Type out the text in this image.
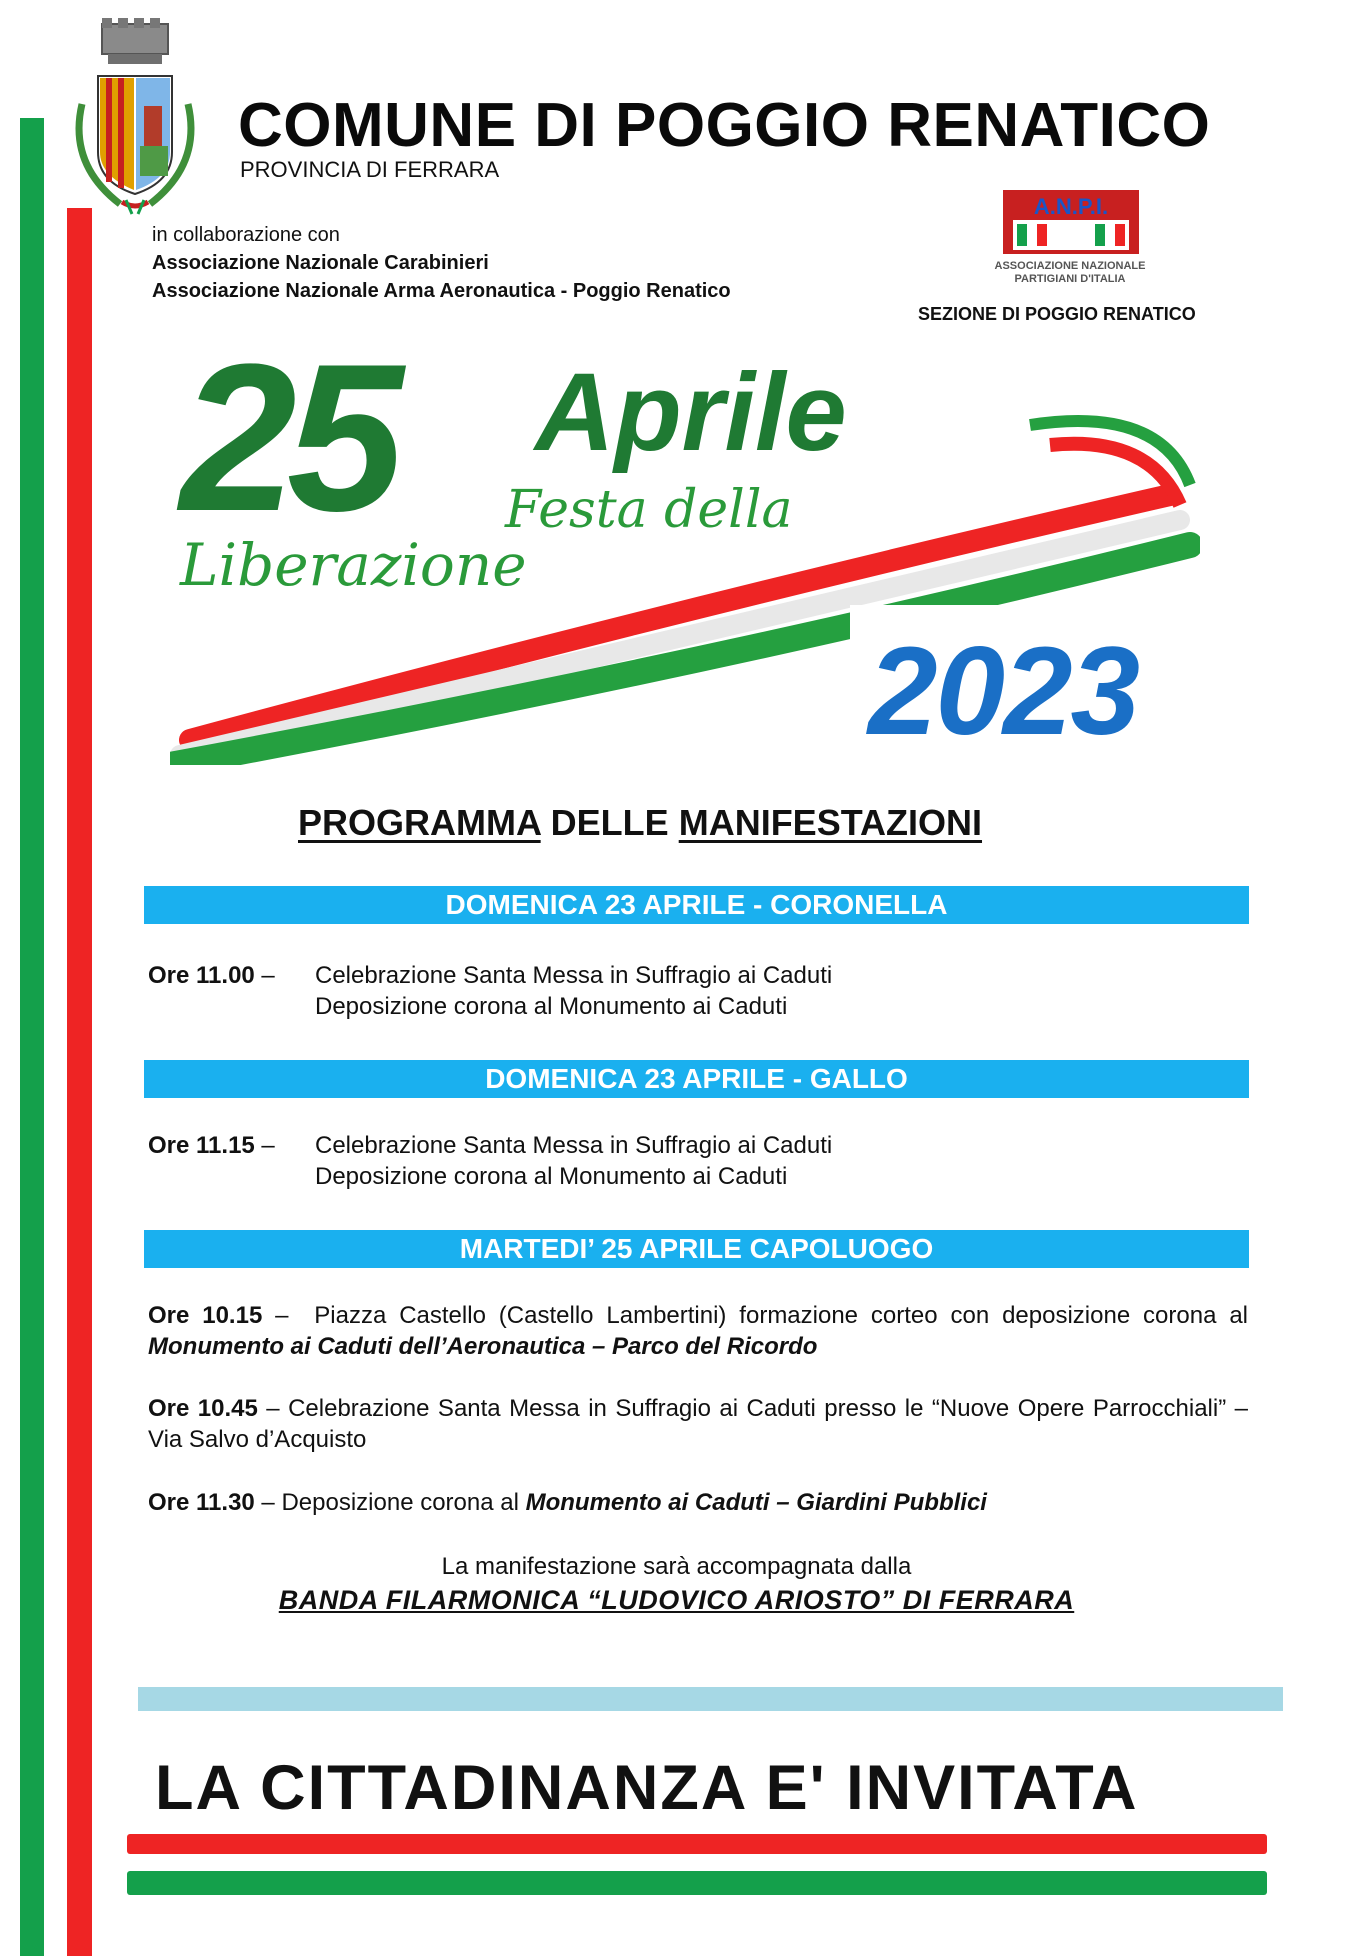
COMUNE DI POGGIO RENATICO
PROVINCIA DI FERRARA
in collaborazione con
Associazione Nazionale Carabinieri
Associazione Nazionale Arma Aeronautica - Poggio Renatico
A.N.P.I.
ASSOCIAZIONE NAZIONALE
PARTIGIANI D'ITALIA
SEZIONE DI POGGIO RENATICO
25 Aprile
Festa della
Liberazione
2023
PROGRAMMA DELLE MANIFESTAZIONI
DOMENICA 23 APRILE - CORONELLA
Ore 11.00 – Celebrazione Santa Messa in Suffragio ai Caduti
Deposizione corona al Monumento ai Caduti
DOMENICA 23 APRILE - GALLO
Ore 11.15 – Celebrazione Santa Messa in Suffragio ai Caduti
Deposizione corona al Monumento ai Caduti
MARTEDI’ 25 APRILE CAPOLUOGO
Ore 10.15 –  Piazza Castello (Castello Lambertini) formazione corteo con deposizione corona al Monumento ai Caduti dell’Aeronautica – Parco del Ricordo
Ore 10.45 – Celebrazione Santa Messa in Suffragio ai Caduti presso le “Nuove Opere Parrocchiali” – Via Salvo d’Acquisto
Ore 11.30 – Deposizione corona al Monumento ai Caduti – Giardini Pubblici
La manifestazione sarà accompagnata dalla
BANDA FILARMONICA “LUDOVICO ARIOSTO” DI FERRARA
LA CITTADINANZA E' INVITATA
